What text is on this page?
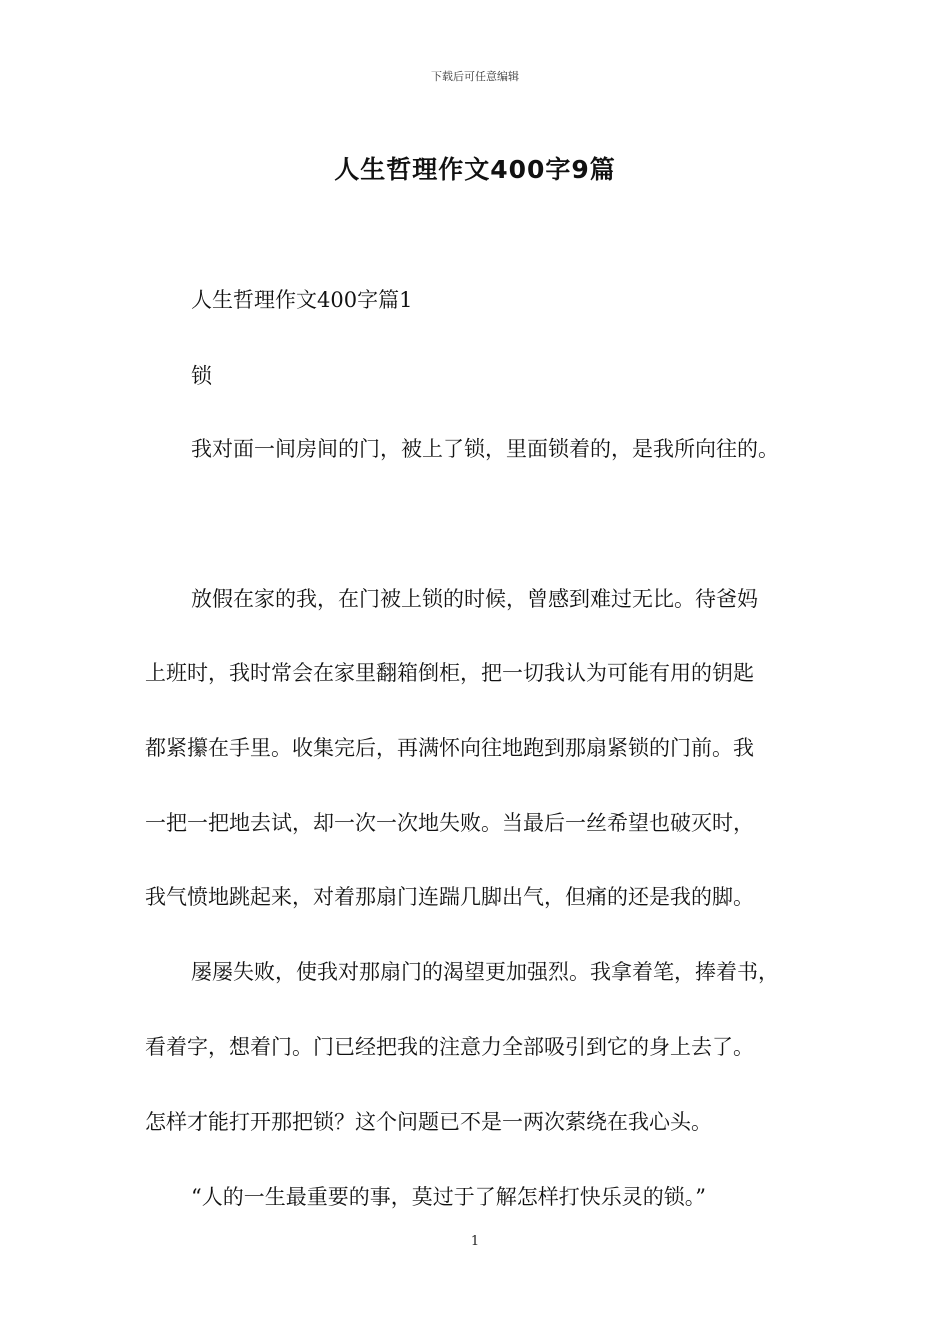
下载后可任意编辑
人生哲理作文400字9篇
人生哲理作文400字篇1
锁
我对面一间房间的门，被上了锁，里面锁着的，是我所向往的。
放假在家的我，在门被上锁的时候，曾感到难过无比。待爸妈
上班时，我时常会在家里翻箱倒柜，把一切我认为可能有用的钥匙
都紧攥在手里。收集完后，再满怀向往地跑到那扇紧锁的门前。我
一把一把地去试，却一次一次地失败。当最后一丝希望也破灭时，
我气愤地跳起来，对着那扇门连踹几脚出气，但痛的还是我的脚。
屡屡失败，使我对那扇门的渴望更加强烈。我拿着笔，捧着书，
看着字，想着门。门已经把我的注意力全部吸引到它的身上去了。
怎样才能打开那把锁？这个问题已不是一两次萦绕在我心头。
“人的一生最重要的事，莫过于了解怎样打快乐灵的锁。”
1
